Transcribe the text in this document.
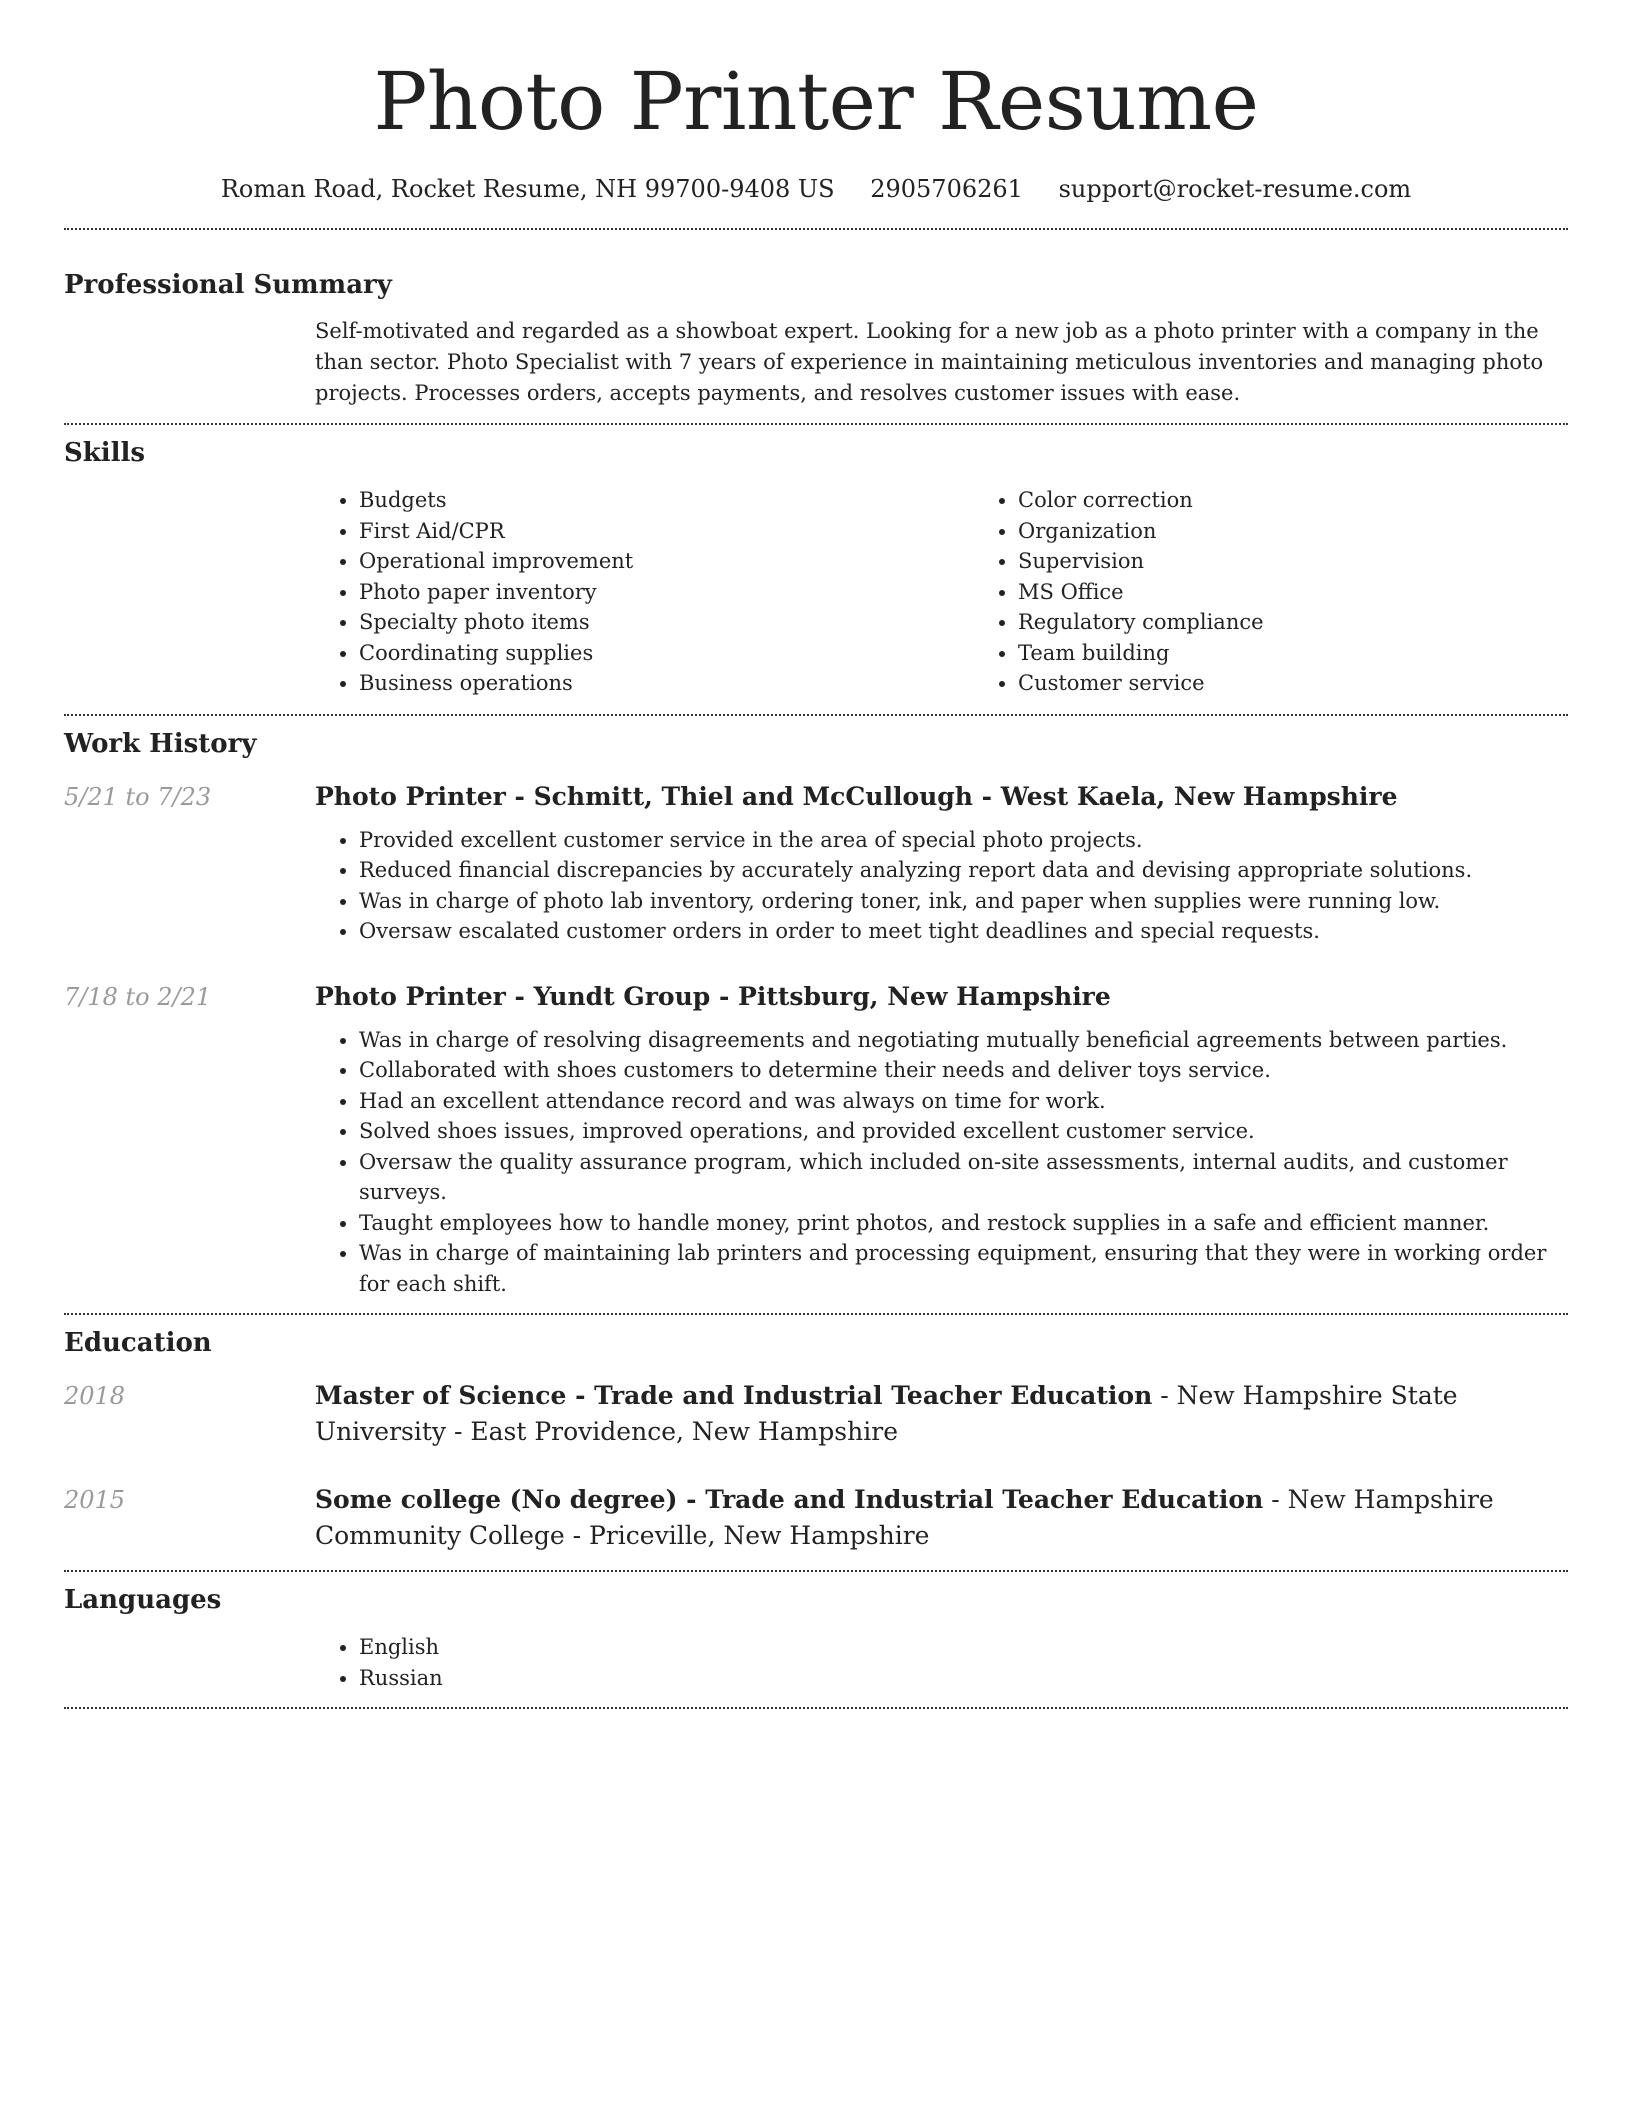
Photo Printer Resume
Roman Road, Rocket Resume, NH 99700-9408 US 2905706261 support@rocket-resume.com
Professional Summary

Self-motivated and regarded as a showboat expert. Looking for a new job as a photo printer with a company in the than sector. Photo Specialist with 7 years of experience in maintaining meticulous inventories and managing photo projects. Processes orders, accepts payments, and resolves customer issues with ease.

Skills
• Budgets
• First Aid/CPR
• Operational improvement
• Photo paper inventory
• Specialty photo items
• Coordinating supplies
• Business operations
• Color correction
• Organization
• Supervision
• MS Office
• Regulatory compliance
• Team building
• Customer service
Work History
5/21 to 7/23	Photo Printer - Schmitt, Thiel and McCullough - West Kaela, New Hampshire
• Provided excellent customer service in the area of special photo projects.
• Reduced financial discrepancies by accurately analyzing report data and devising appropriate solutions.
• Was in charge of photo lab inventory, ordering toner, ink, and paper when supplies were running low.
• Oversaw escalated customer orders in order to meet tight deadlines and special requests.
7/18 to 2/21	Photo Printer - Yundt Group - Pittsburg, New Hampshire
• Was in charge of resolving disagreements and negotiating mutually beneficial agreements between parties.
• Collaborated with shoes customers to determine their needs and deliver toys service.
• Had an excellent attendance record and was always on time for work.
• Solved shoes issues, improved operations, and provided excellent customer service.
• Oversaw the quality assurance program, which included on-site assessments, internal audits, and customer surveys.
• Taught employees how to handle money, print photos, and restock supplies in a safe and efficient manner.
• Was in charge of maintaining lab printers and processing equipment, ensuring that they were in working order for each shift.
Education
2018	Master of Science - Trade and Industrial Teacher Education - New Hampshire State University - East Providence, New Hampshire

2015	Some college (No degree) - Trade and Industrial Teacher Education - New Hampshire Community College - Priceville, New Hampshire

Languages
• English
• Russian
